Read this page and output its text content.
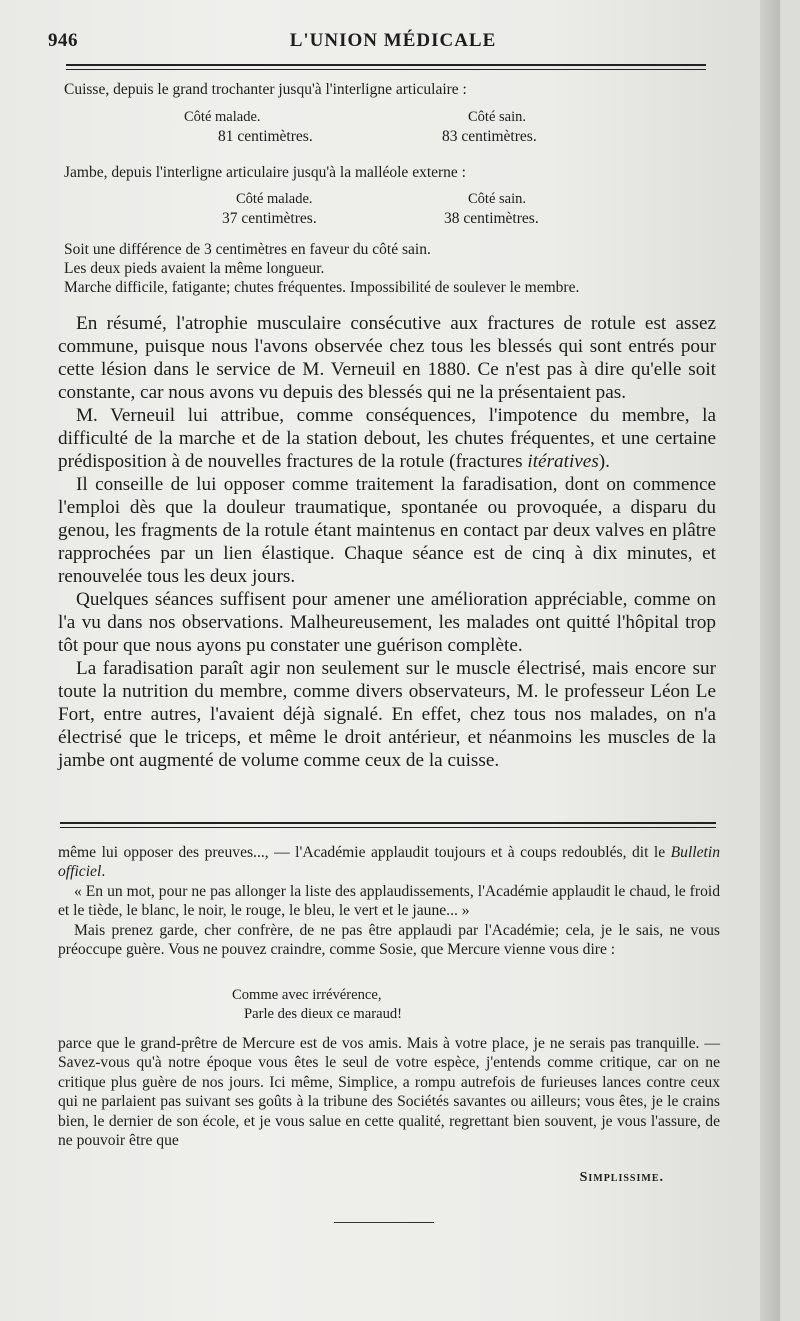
946	L'UNION MÉDICALE
Cuisse, depuis le grand trochanter jusqu'à l'interligne articulaire :
Côté malade.	Côté sain.
81 centimètres.	83 centimètres.
Jambe, depuis l'interligne articulaire jusqu'à la malléole externe :
Côté malade.	Côté sain.
37 centimètres.	38 centimètres.
Soit une différence de 3 centimètres en faveur du côté sain.
Les deux pieds avaient la même longueur.
Marche difficile, fatigante; chutes fréquentes. Impossibilité de soulever le membre.

En résumé, l'atrophie musculaire consécutive aux fractures de rotule est assez commune, puisque nous l'avons observée chez tous les blessés qui sont entrés pour cette lésion dans le service de M. Verneuil en 1880. Ce n'est pas à dire qu'elle soit constante, car nous avons vu depuis des blessés qui ne la présentaient pas.

M. Verneuil lui attribue, comme conséquences, l'impotence du membre, la difficulté de la marche et de la station debout, les chutes fréquentes, et une certaine prédisposition à de nouvelles fractures de la rotule (fractures itératives).

Il conseille de lui opposer comme traitement la faradisation, dont on commence l'emploi dès que la douleur traumatique, spontanée ou provoquée, a disparu du genou, les fragments de la rotule étant maintenus en contact par deux valves en plâtre rapprochées par un lien élastique. Chaque séance est de cinq à dix minutes, et renouvelée tous les deux jours.

Quelques séances suffisent pour amener une amélioration appréciable, comme on l'a vu dans nos observations. Malheureusement, les malades ont quitté l'hôpital trop tôt pour que nous ayons pu constater une guérison complète.

La faradisation paraît agir non seulement sur le muscle électrisé, mais encore sur toute la nutrition du membre, comme divers observateurs, M. le professeur Léon Le Fort, entre autres, l'avaient déjà signalé. En effet, chez tous nos malades, on n'a électrisé que le triceps, et même le droit antérieur, et néanmoins les muscles de la jambe ont augmenté de volume comme ceux de la cuisse.

même lui opposer des preuves..., — l'Académie applaudit toujours et à coups redoublés, dit le Bulletin officiel.

« En un mot, pour ne pas allonger la liste des applaudissements, l'Académie applaudit le chaud, le froid et le tiède, le blanc, le noir, le rouge, le bleu, le vert et le jaune... »

Mais prenez garde, cher confrère, de ne pas être applaudi par l'Académie; cela, je le sais, ne vous préoccupe guère. Vous ne pouvez craindre, comme Sosie, que Mercure vienne vous dire :

Comme avec irrévérence,
Parle des dieux ce maraud!

parce que le grand-prêtre de Mercure est de vos amis. Mais à votre place, je ne serais pas tranquille. — Savez-vous qu'à notre époque vous êtes le seul de votre espèce, j'entends comme critique, car on ne critique plus guère de nos jours. Ici même, Simplice, a rompu autrefois de furieuses lances contre ceux qui ne parlaient pas suivant ses goûts à la tribune des Sociétés savantes ou ailleurs; vous êtes, je le crains bien, le dernier de son école, et je vous salue en cette qualité, regrettant bien souvent, je vous l'assure, de ne pouvoir être que

Simplissime.
